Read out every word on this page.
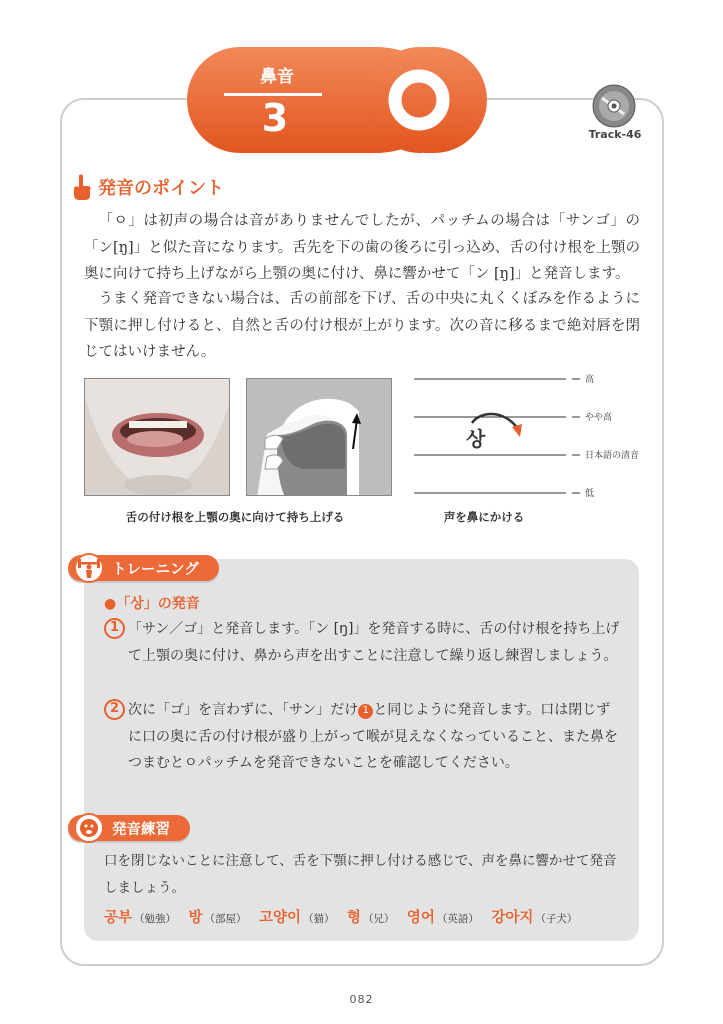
鼻音
3	Track-46
発音のポイント

「ㅇ」は初声の場合は音がありませんでしたが、パッチムの場合は「サンゴ」の「ン[ŋ]」と似た音になります。舌先を下の歯の後ろに引っ込め、舌の付け根を上顎の奥に向けて持ち上げながら上顎の奥に付け、鼻に響かせて「ン [ŋ]」と発音します。

うまく発音できない場合は、舌の前部を下げ、舌の中央に丸くくぼみを作るように下顎に押し付けると、自然と舌の付け根が上がります。次の音に移るまで絶対唇を閉じてはいけません。

舌の付け根を上顎の奥に向けて持ち上げる	声を鼻にかける
상
高
やや高
日本語の清音
低
トレーニング
●「상」の発音
1 「サン／ゴ」と発音します。「ン [ŋ]」を発音する時に、舌の付け根を持ち上げて上顎の奥に付け、鼻から声を出すことに注意して繰り返し練習しましょう。
2 次に「ゴ」を言わずに、「サン」だけ 1 と同じように発音します。口は閉じずに口の奥に舌の付け根が盛り上がって喉が見えなくなっていること、また鼻をつまむとㅇパッチムを発音できないことを確認してください。
発音練習
口を閉じないことに注意して、舌を下顎に押し付ける感じで、声を鼻に響かせて発音しましょう。
공부 （勉強） 방 （部屋） 고양이 （猫） 형 （兄） 영어 （英語） 강아지 （子犬）
082
